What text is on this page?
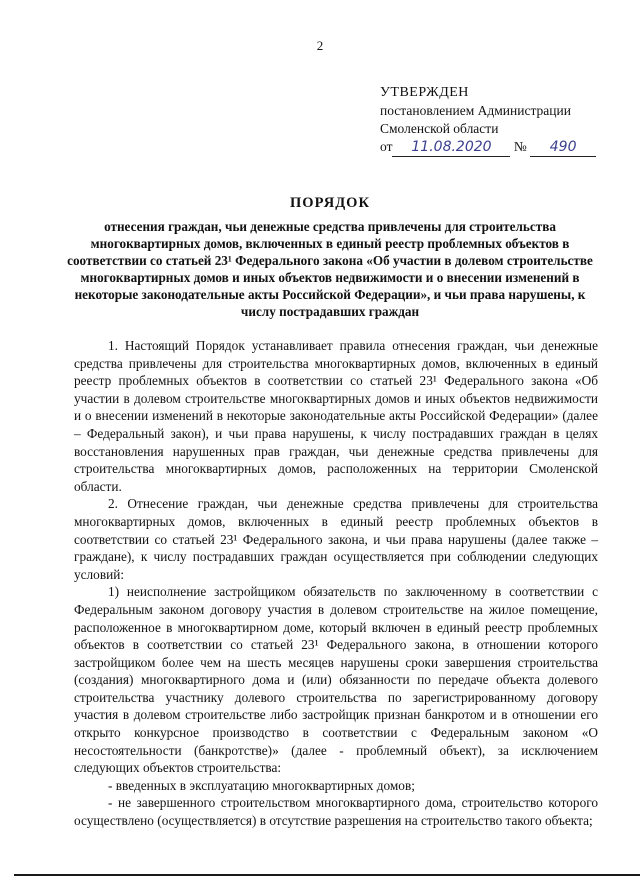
2
УТВЕРЖДЕН
постановлением Администрации
Смоленской области
от 11.08.2020 № 490
ПОРЯДОК
отнесения граждан, чьи денежные средства привлечены для строительства многоквартирных домов, включенных в единый реестр проблемных объектов в соответствии со статьей 23¹ Федерального закона «Об участии в долевом строительстве многоквартирных домов и иных объектов недвижимости и о внесении изменений в некоторые законодательные акты Российской Федерации», и чьи права нарушены, к числу пострадавших граждан

1. Настоящий Порядок устанавливает правила отнесения граждан, чьи денежные средства привлечены для строительства многоквартирных домов, включенных в единый реестр проблемных объектов в соответствии со статьей 23¹ Федерального закона «Об участии в долевом строительстве многоквартирных домов и иных объектов недвижимости и о внесении изменений в некоторые законодательные акты Российской Федерации» (далее – Федеральный закон), и чьи права нарушены, к числу пострадавших граждан в целях восстановления нарушенных прав граждан, чьи денежные средства привлечены для строительства многоквартирных домов, расположенных на территории Смоленской области.

2. Отнесение граждан, чьи денежные средства привлечены для строительства многоквартирных домов, включенных в единый реестр проблемных объектов в соответствии со статьей 23¹ Федерального закона, и чьи права нарушены (далее также – граждане), к числу пострадавших граждан осуществляется при соблюдении следующих условий:

1) неисполнение застройщиком обязательств по заключенному в соответствии с Федеральным законом договору участия в долевом строительстве на жилое помещение, расположенное в многоквартирном доме, который включен в единый реестр проблемных объектов в соответствии со статьей 23¹ Федерального закона, в отношении которого застройщиком более чем на шесть месяцев нарушены сроки завершения строительства (создания) многоквартирного дома и (или) обязанности по передаче объекта долевого строительства участнику долевого строительства по зарегистрированному договору участия в долевом строительстве либо застройщик признан банкротом и в отношении его открыто конкурсное производство в соответствии с Федеральным законом «О несостоятельности (банкротстве)» (далее - проблемный объект), за исключением следующих объектов строительства:

- введенных в эксплуатацию многоквартирных домов;

- не завершенного строительством многоквартирного дома, строительство которого осуществлено (осуществляется) в отсутствие разрешения на строительство такого объекта;
